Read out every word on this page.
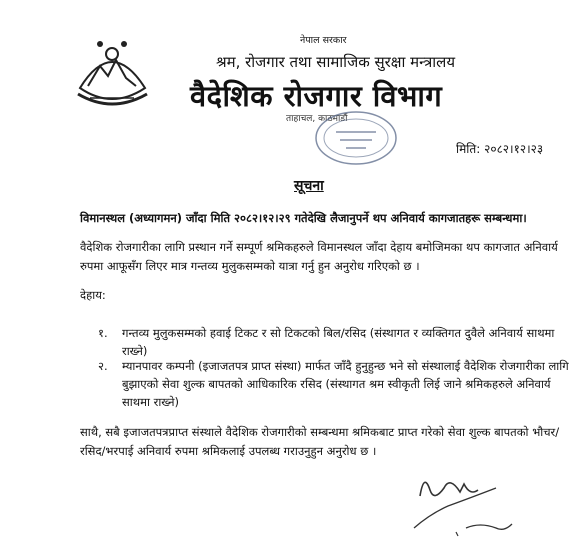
नेपाल सरकार
श्रम, रोजगार तथा सामाजिक सुरक्षा मन्त्रालय
वैदेशिक रोजगार विभाग
ताहाचल, काठमाडौं
मिति: २०८२।१२।२३
सूचना
विमानस्थल (अध्यागमन) जाँदा मिति २०८२।१२।२९ गतेदेखि लैजानुपर्ने थप अनिवार्य कागजातहरू सम्बन्धमा।
वैदेशिक रोजगारीका लागि प्रस्थान गर्ने सम्पूर्ण श्रमिकहरुले विमानस्थल जाँदा देहाय बमोजिमका थप कागजात अनिवार्य रुपमा आफूसँग लिएर मात्र गन्तव्य मुलुकसम्मको यात्रा गर्नु हुन अनुरोध गरिएको छ ।
देहाय:
१. गन्तव्य मुलुकसम्मको हवाई टिकट र सो टिकटको बिल/रसिद (संस्थागत र व्यक्तिगत दुवैले अनिवार्य साथमा राख्ने)
२. म्यानपावर कम्पनी (इजाजतपत्र प्राप्त संस्था) मार्फत जाँदै हुनुहुन्छ भने सो संस्थालाई वैदेशिक रोजगारीका लागि बुझाएको सेवा शुल्क बापतको आधिकारिक रसिद (संस्थागत श्रम स्वीकृती लिई जाने श्रमिकहरुले अनिवार्य साथमा राख्ने)
साथै, सबै इजाजतपत्रप्राप्त संस्थाले वैदेशिक रोजगारीको सम्बन्धमा श्रमिकबाट प्राप्त गरेको सेवा शुल्क बापतको भौचर/रसिद/भरपाई अनिवार्य रुपमा श्रमिकलाई उपलब्ध गराउनुहुन अनुरोध छ ।
